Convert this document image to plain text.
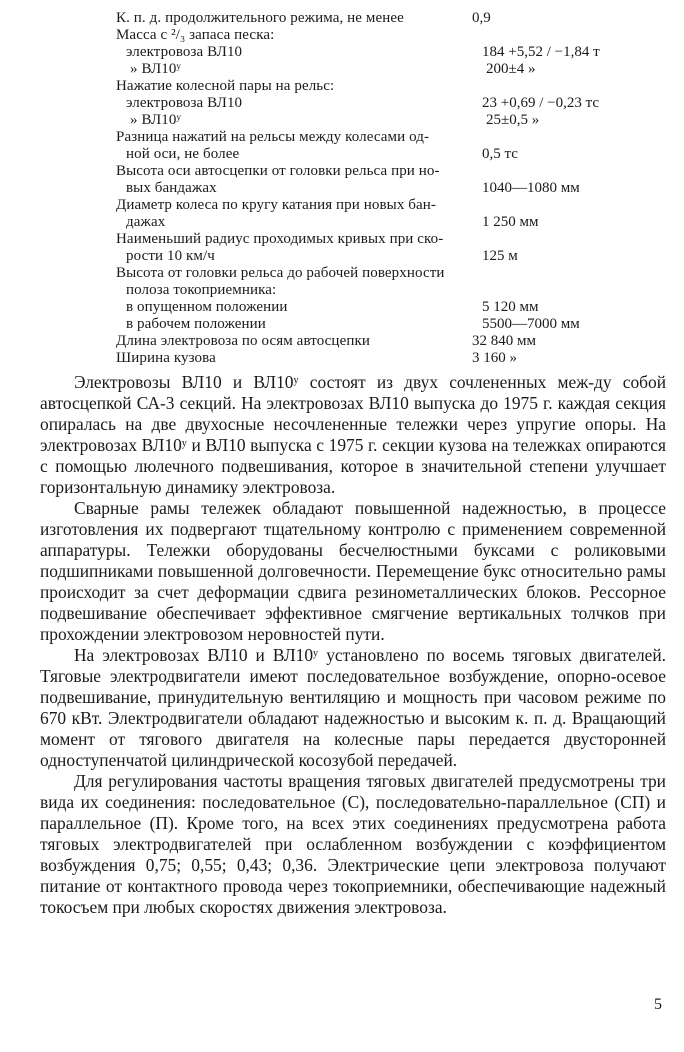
К. п. д. продолжительного режима, не менее	0,9
Масса с ²/₃ запаса песка:
электровоза ВЛ10	184 +5,52 / −1,84 т
» ВЛ10ʸ	200±4 »
Нажатие колесной пары на рельс:
электровоза ВЛ10	23 +0,69 / −0,23 тс
» ВЛ10ʸ	25±0,5 »
Разница нажатий на рельсы между колесами од-
ной оси, не более	0,5 тс
Высота оси автосцепки от головки рельса при но-
вых бандажах	1040—1080 мм
Диаметр колеса по кругу катания при новых бан-
дажах	1 250 мм
Наименьший радиус проходимых кривых при ско-
рости 10 км/ч	125 м
Высота от головки рельса до рабочей поверхности
полоза токоприемника:
в опущенном положении	5 120 мм
в рабочем положении	5500—7000 мм
Длина электровоза по осям автосцепки	32 840 мм
Ширина кузова	3 160 »

Электровозы ВЛ10 и ВЛ10ʸ состоят из двух сочлененных меж-ду собой автосцепкой СА-3 секций. На электровозах ВЛ10 выпуска до 1975 г. каждая секция опиралась на две двухосные несочлененные тележки через упругие опоры. На электровозах ВЛ10ʸ и ВЛ10 выпуска с 1975 г. секции кузова на тележках опираются с помощью люлечного подвешивания, которое в значительной степени улучшает горизонтальную динамику электровоза.

Сварные рамы тележек обладают повышенной надежностью, в процессе изготовления их подвергают тщательному контролю с применением современной аппаратуры. Тележки оборудованы бесчелюстными буксами с роликовыми подшипниками повышенной долговечности. Перемещение букс относительно рамы происходит за счет деформации сдвига резинометаллических блоков. Рессорное подвешивание обеспечивает эффективное смягчение вертикальных толчков при прохождении электровозом неровностей пути.

На электровозах ВЛ10 и ВЛ10ʸ установлено по восемь тяговых двигателей. Тяговые электродвигатели имеют последовательное возбуждение, опорно-осевое подвешивание, принудительную вентиляцию и мощность при часовом режиме по 670 кВт. Электродвигатели обладают надежностью и высоким к. п. д. Вращающий момент от тягового двигателя на колесные пары передается двусторонней одноступенчатой цилиндрической косозубой передачей.

Для регулирования частоты вращения тяговых двигателей предусмотрены три вида их соединения: последовательное (С), последовательно-параллельное (СП) и параллельное (П). Кроме того, на всех этих соединениях предусмотрена работа тяговых электродвигателей при ослабленном возбуждении с коэффициентом возбуждения 0,75; 0,55; 0,43; 0,36. Электрические цепи электровоза получают питание от контактного провода через токоприемники, обеспечивающие надежный токосъем при любых скоростях движения электровоза.

5
